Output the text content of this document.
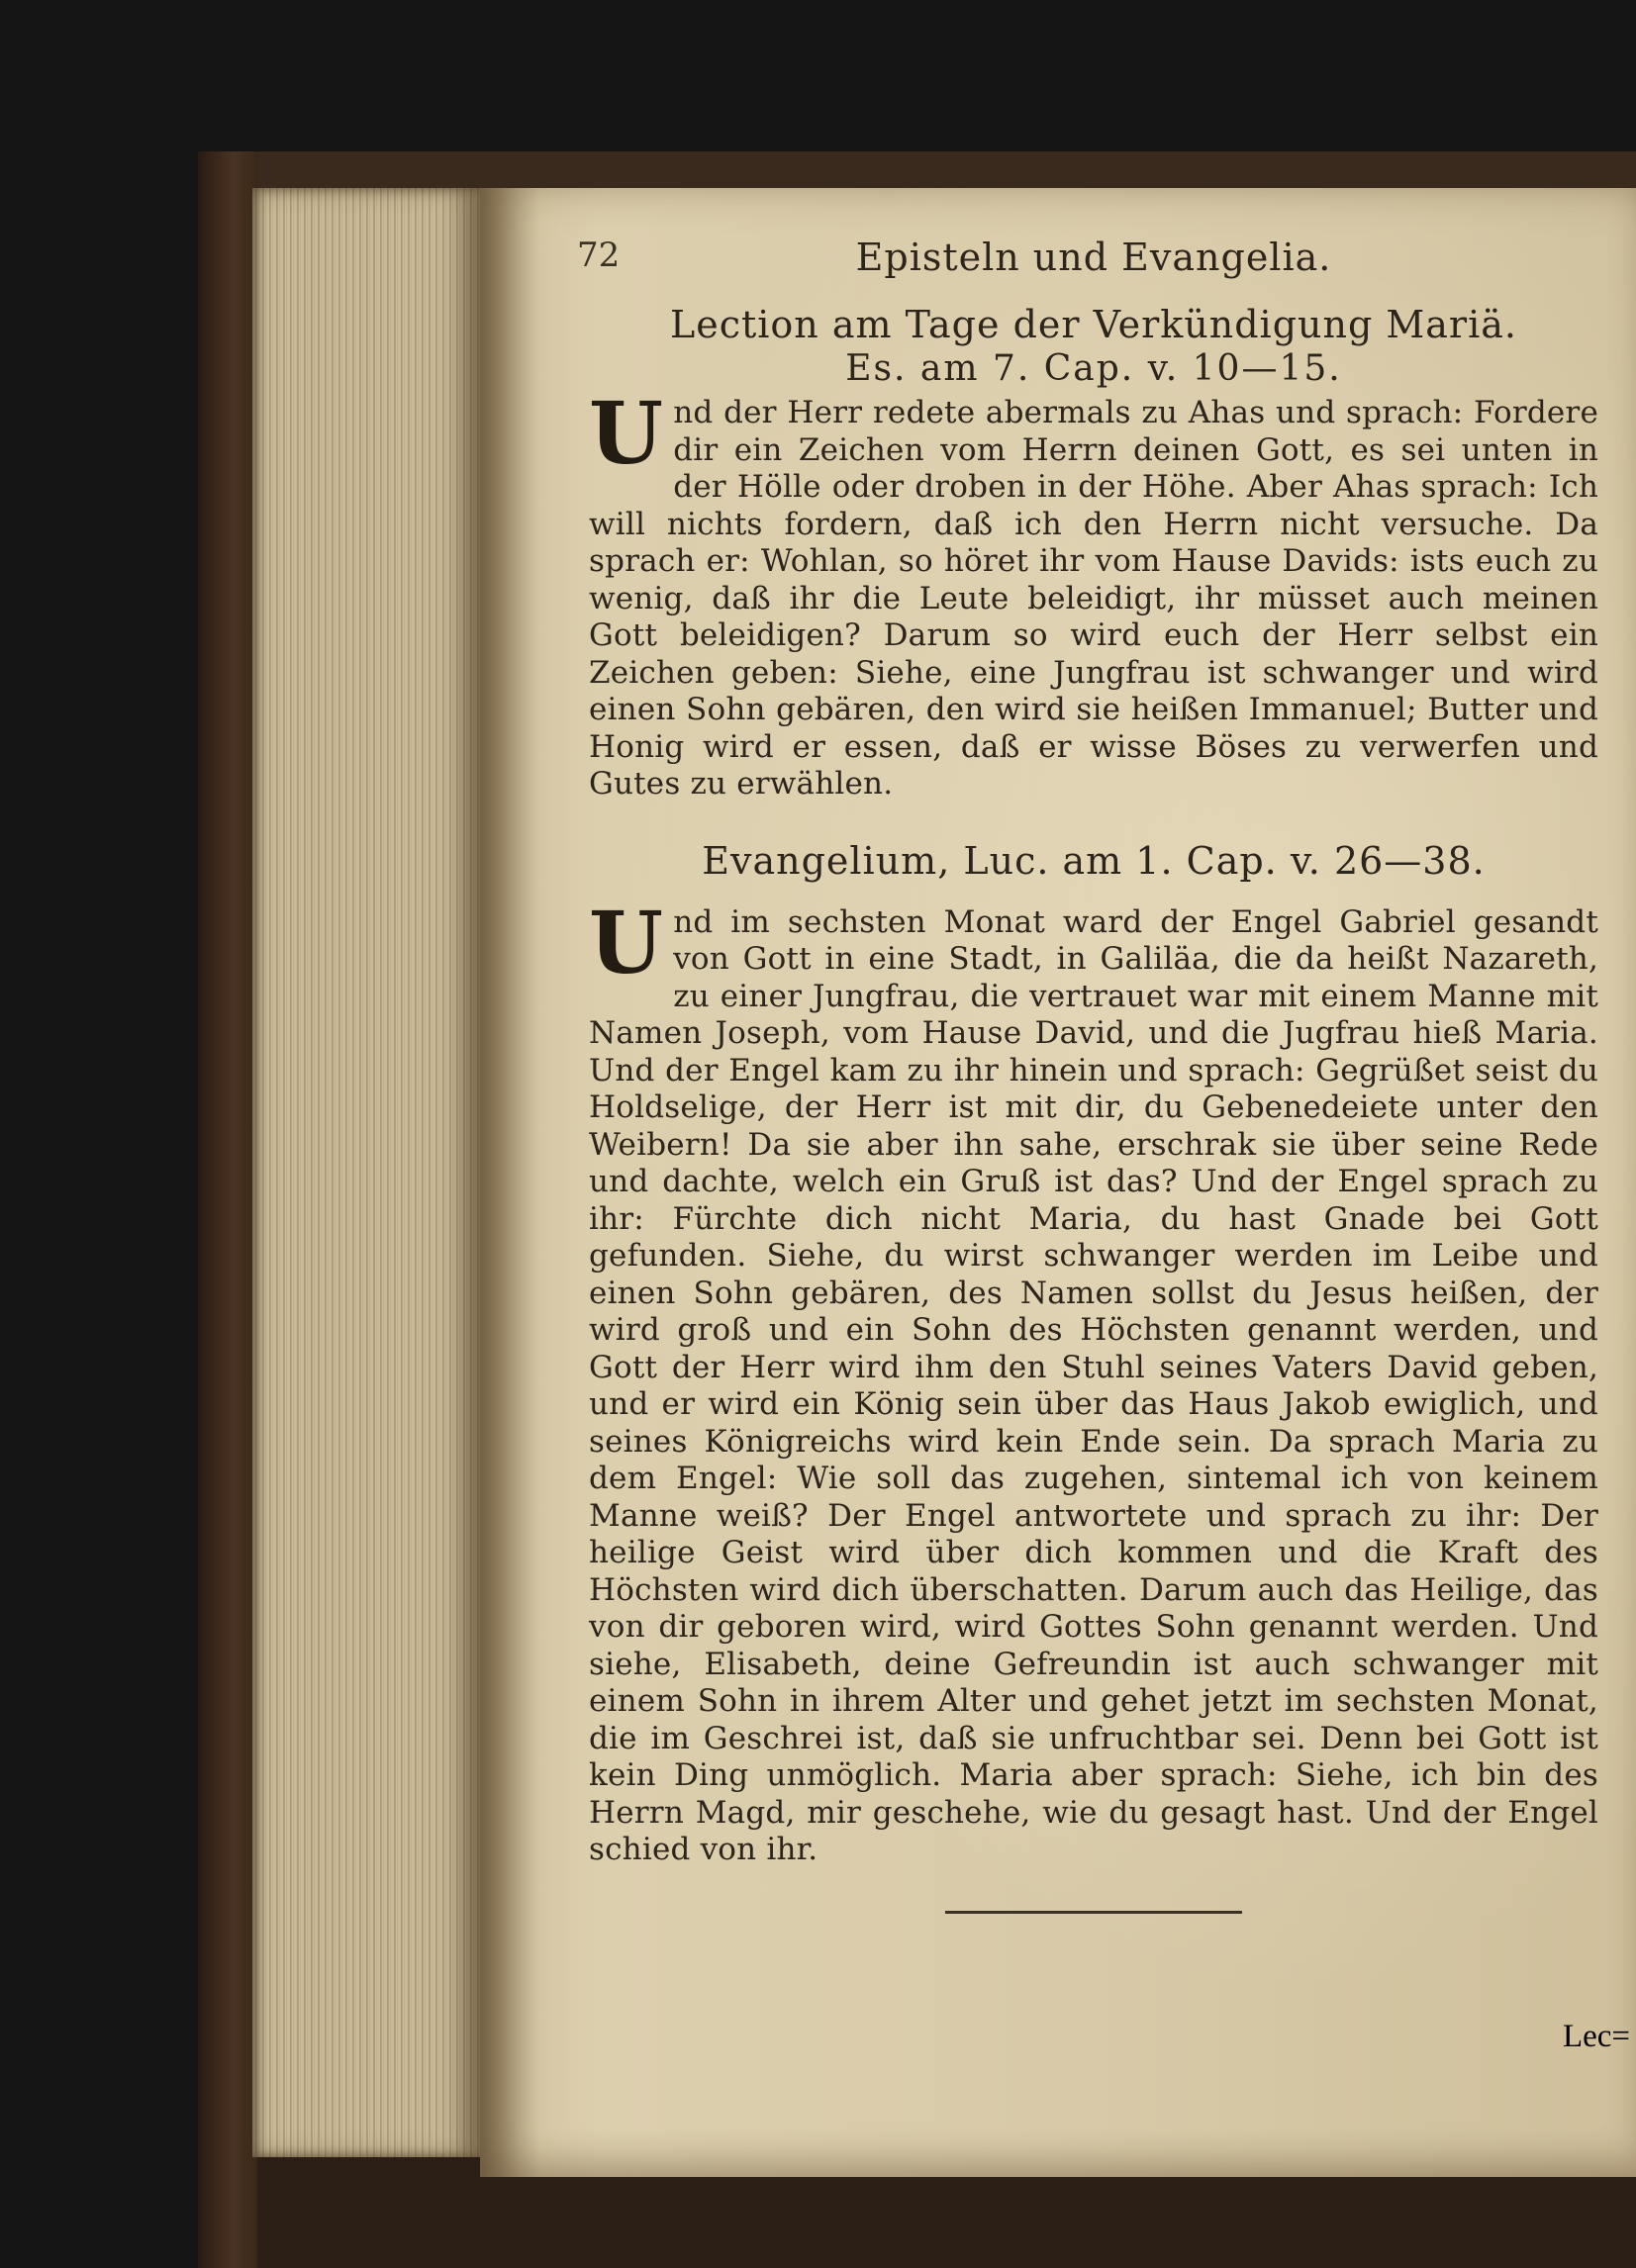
72	Episteln und Evangelia.
Lection am Tage der Verkündigung Mariä.
Es. am 7. Cap. v. 10—15.

Und der Herr redete abermals zu Ahas und sprach: Fordere dir ein Zeichen vom Herrn deinen Gott, es sei unten in der Hölle oder droben in der Höhe. Aber Ahas sprach: Ich will nichts fordern, daß ich den Herrn nicht versuche. Da sprach er: Wohlan, so höret ihr vom Hause Davids: ists euch zu wenig, daß ihr die Leute beleidigt, ihr müsset auch meinen Gott beleidigen? Darum so wird euch der Herr selbst ein Zeichen geben: Siehe, eine Jungfrau ist schwanger und wird einen Sohn gebären, den wird sie heißen Immanuel; Butter und Honig wird er essen, daß er wisse Böses zu verwerfen und Gutes zu erwählen.

Evangelium, Luc. am 1. Cap. v. 26—38.

Und im sechsten Monat ward der Engel Gabriel gesandt von Gott in eine Stadt, in Galiläa, die da heißt Nazareth, zu einer Jungfrau, die vertrauet war mit einem Manne mit Namen Joseph, vom Hause David, und die Jugfrau hieß Maria. Und der Engel kam zu ihr hinein und sprach: Gegrüßet seist du Holdselige, der Herr ist mit dir, du Gebenedeiete unter den Weibern! Da sie aber ihn sahe, erschrak sie über seine Rede und dachte, welch ein Gruß ist das? Und der Engel sprach zu ihr: Fürchte dich nicht Maria, du hast Gnade bei Gott gefunden. Siehe, du wirst schwanger werden im Leibe und einen Sohn gebären, des Namen sollst du Jesus heißen, der wird groß und ein Sohn des Höchsten genannt werden, und Gott der Herr wird ihm den Stuhl seines Vaters David geben, und er wird ein König sein über das Haus Jakob ewiglich, und seines Königreichs wird kein Ende sein. Da sprach Maria zu dem Engel: Wie soll das zugehen, sintemal ich von keinem Manne weiß? Der Engel antwortete und sprach zu ihr: Der heilige Geist wird über dich kommen und die Kraft des Höchsten wird dich überschatten. Darum auch das Heilige, das von dir geboren wird, wird Gottes Sohn genannt werden. Und siehe, Elisabeth, deine Gefreundin ist auch schwanger mit einem Sohn in ihrem Alter und gehet jetzt im sechsten Monat, die im Geschrei ist, daß sie unfruchtbar sei. Denn bei Gott ist kein Ding unmöglich. Maria aber sprach: Siehe, ich bin des Herrn Magd, mir geschehe, wie du gesagt hast. Und der Engel schied von ihr.

Lec=
